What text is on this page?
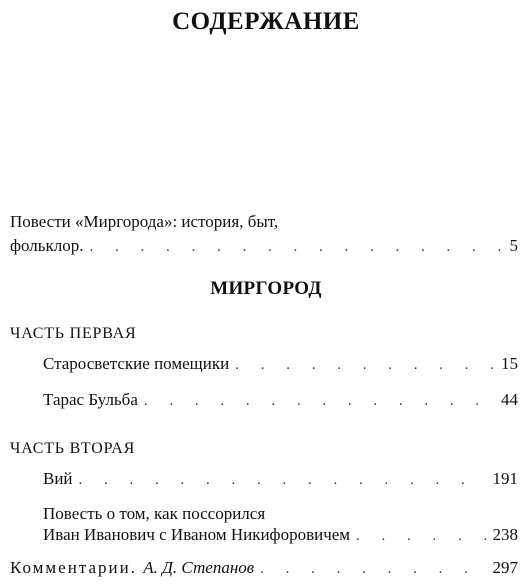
СОДЕРЖАНИЕ
Повести «Миргорода»: история, быт,
фольклор. . . .	5
МИРГОРОД
ЧАСТЬ ПЕРВАЯ
Старосветские помещики . . .	15
Тарас Бульба . . .	44
ЧАСТЬ ВТОРАЯ
Вий . . .	191
Повесть о том, как поссорился
Иван Иванович с Иваном Никифоровичем . . .	238
Комментарии. А. Д. Степанов . . .	297
